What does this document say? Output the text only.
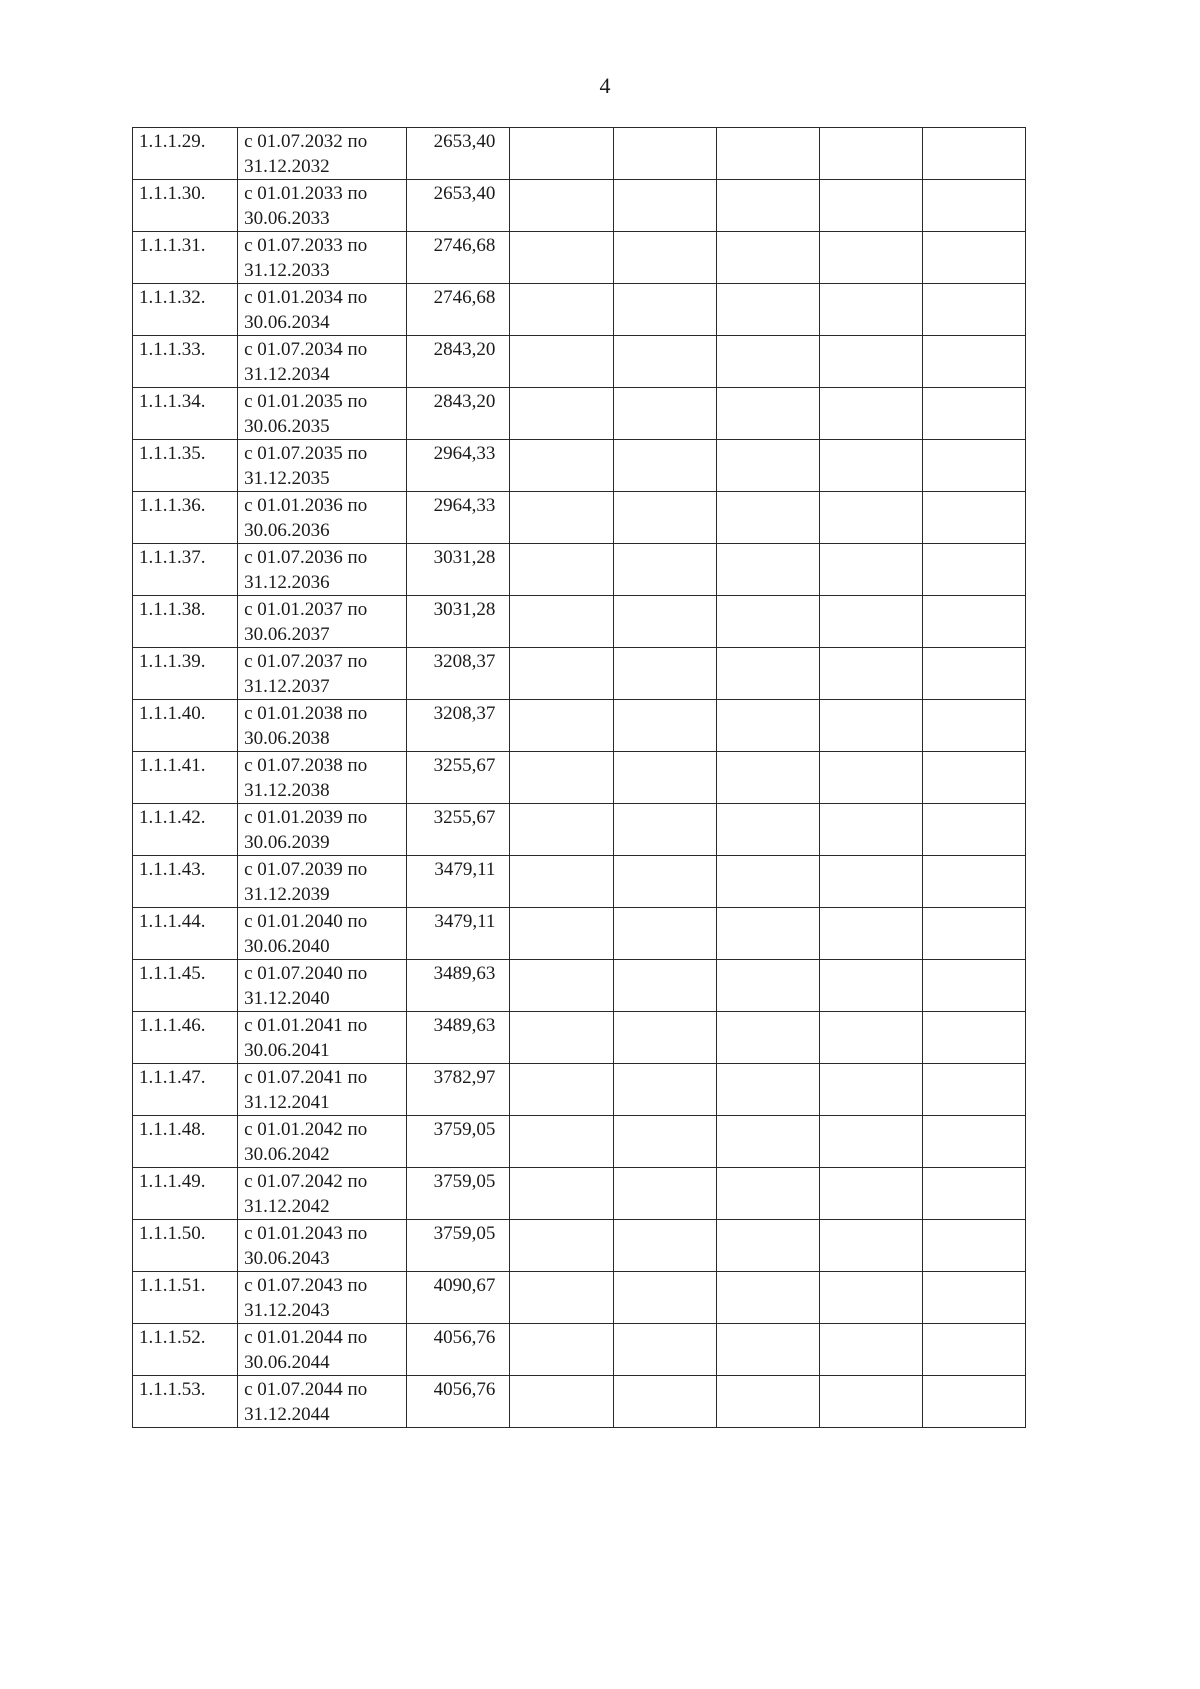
4
1.1.1.29.	с 01.07.2032 по
31.12.2032	2653,40					

1.1.1.30.	с 01.01.2033 по
30.06.2033	2653,40					

1.1.1.31.	с 01.07.2033 по
31.12.2033	2746,68					

1.1.1.32.	с 01.01.2034 по
30.06.2034	2746,68					

1.1.1.33.	с 01.07.2034 по
31.12.2034	2843,20					

1.1.1.34.	с 01.01.2035 по
30.06.2035	2843,20					

1.1.1.35.	с 01.07.2035 по
31.12.2035	2964,33					

1.1.1.36.	с 01.01.2036 по
30.06.2036	2964,33					

1.1.1.37.	с 01.07.2036 по
31.12.2036	3031,28					

1.1.1.38.	с 01.01.2037 по
30.06.2037	3031,28					

1.1.1.39.	с 01.07.2037 по
31.12.2037	3208,37					

1.1.1.40.	с 01.01.2038 по
30.06.2038	3208,37					

1.1.1.41.	с 01.07.2038 по
31.12.2038	3255,67					

1.1.1.42.	с 01.01.2039 по
30.06.2039	3255,67					

1.1.1.43.	с 01.07.2039 по
31.12.2039	3479,11					

1.1.1.44.	с 01.01.2040 по
30.06.2040	3479,11					

1.1.1.45.	с 01.07.2040 по
31.12.2040	3489,63					

1.1.1.46.	с 01.01.2041 по
30.06.2041	3489,63					

1.1.1.47.	с 01.07.2041 по
31.12.2041	3782,97					

1.1.1.48.	с 01.01.2042 по
30.06.2042	3759,05					

1.1.1.49.	с 01.07.2042 по
31.12.2042	3759,05					

1.1.1.50.	с 01.01.2043 по
30.06.2043	3759,05					

1.1.1.51.	с 01.07.2043 по
31.12.2043	4090,67					

1.1.1.52.	с 01.01.2044 по
30.06.2044	4056,76					

1.1.1.53.	с 01.07.2044 по
31.12.2044	4056,76					
